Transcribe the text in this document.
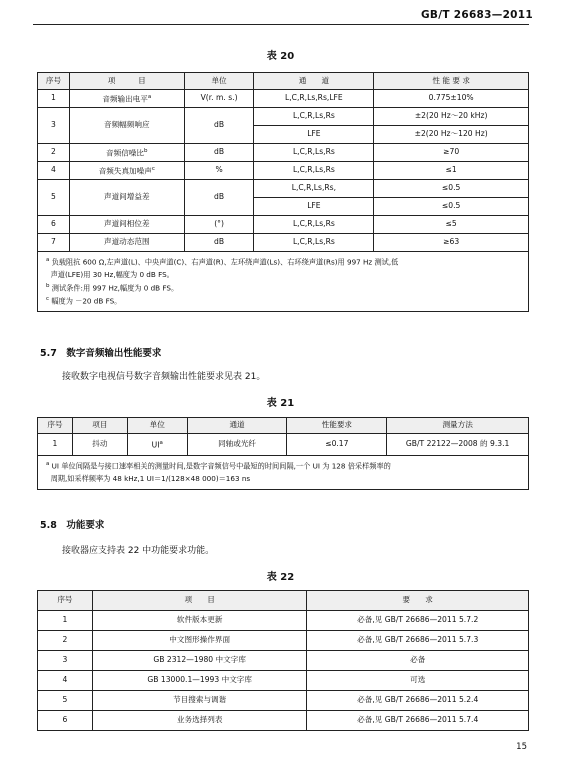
GB/T 26683—2011
表 20
序号	项　　　目	单位	通　　道	性 能 要 求
1	音频输出电平$^a$	V(r. m. s.)	L,C,R,Ls,Rs,LFE	0.775±10%
3	音频幅频响应	dB	L,C,R,Ls,Rs	±2(20 Hz～20 kHz)
			LFE	±2(20 Hz～120 Hz)
2	音频信噪比$^b$	dB	L,C,R,Ls,Rs	≥70
4	音频失真加噪声$^c$	%	L,C,R,Ls,Rs	≤1
5	声道间增益差	dB	L,C,R,Ls,Rs,	≤0.5
			LFE	≤0.5
6	声道间相位差	(°)	L,C,R,Ls,Rs	≤5
7	声道动态范围	dB	L,C,R,Ls,Rs	≥63

$^a$ 负载阻抗 600 Ω,左声道(L)、中央声道(C)、右声道(R)、左环绕声道(Ls)、右环绕声道(Rs)用 997 Hz 测试,低
声道(LFE)用 30 Hz,幅度为 0 dB FS。
$^b$ 测试条件:用 997 Hz,幅度为 0 dB FS。
$^c$ 幅度为 －20 dB FS。				
5.7　数字音频输出性能要求
接收数字电视信号数字音频输出性能要求见表 21。
表 21
序号	项目	单位	通道	性能要求	测量方法
1	抖动	$UI^a$	同轴或光纤	≤0.17	GB/T 22122—2008 的 9.3.1

$^a$ UI 单位间隔是与接口速率相关的测量时间,是数字音频信号中最短的时间间隔,一个 UI 为 128 倍采样频率的
周期,如采样频率为 48 kHz,1 UI＝1/(128×48 000)＝163 ns					
5.8　功能要求
接收器应支持表 22 中功能要求功能。
表 22
序号	项　　目	要　　求
1	软件版本更新	必备,见 GB/T 26686—2011 5.7.2
2	中文图形操作界面	必备,见 GB/T 26686—2011 5.7.3
3	GB 2312—1980 中文字库	必备
4	GB 13000.1—1993 中文字库	可选
5	节目搜索与调谐	必备,见 GB/T 26686—2011 5.2.4
6	业务选择列表	必备,见 GB/T 26686—2011 5.7.4
15
